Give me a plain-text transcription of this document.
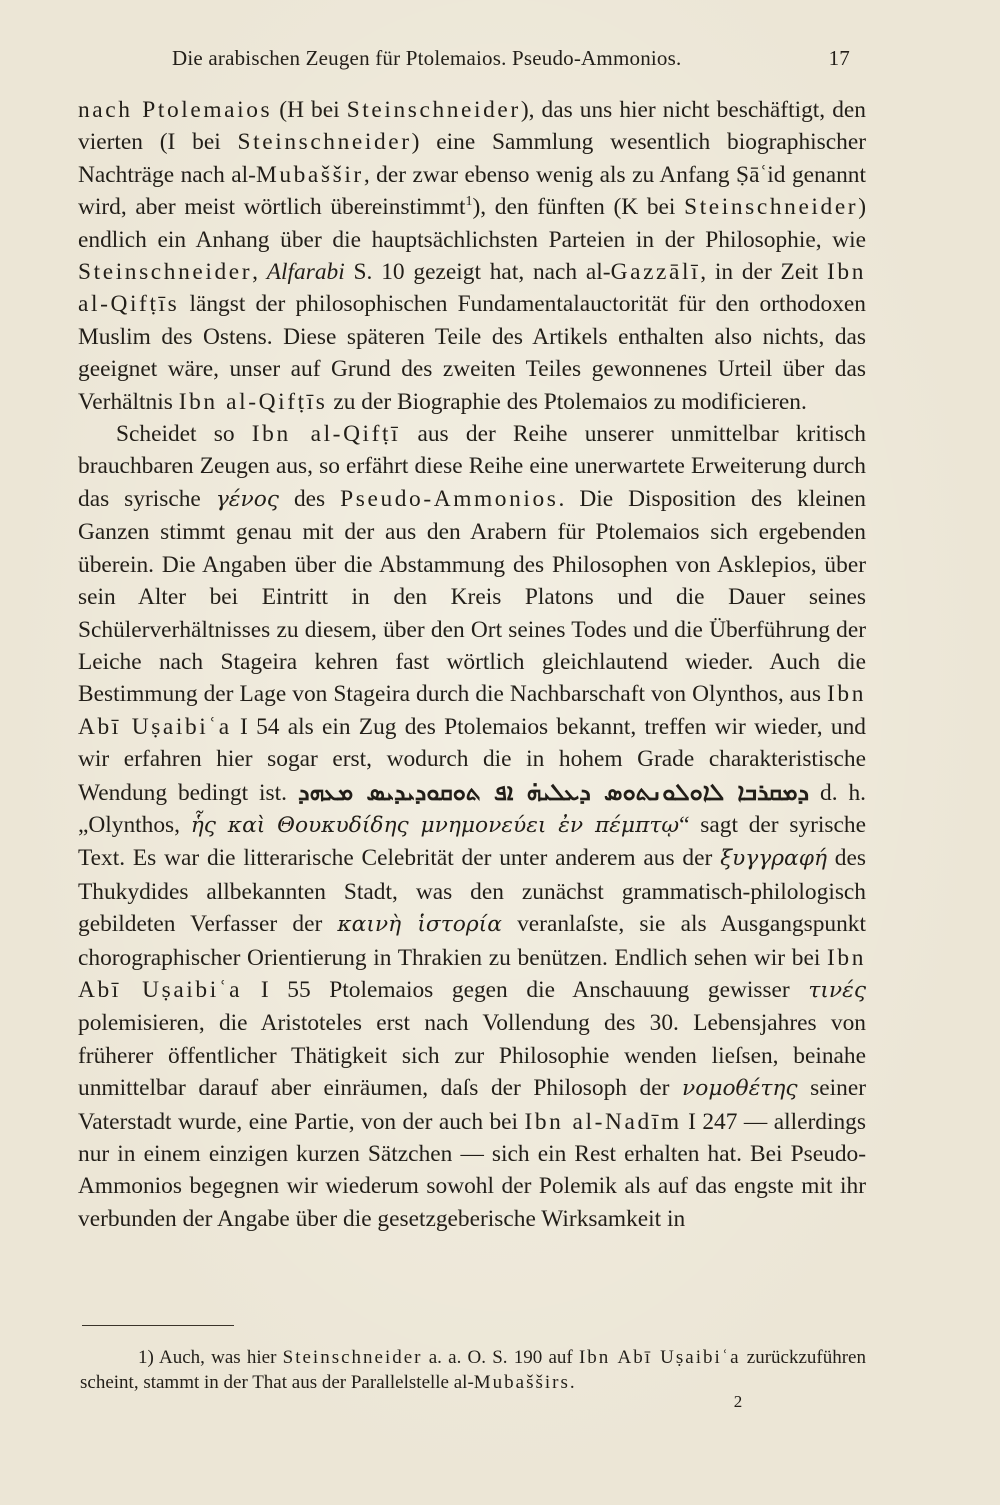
Die arabischen Zeugen für Ptolemaios. Pseudo-Ammonios.	17

nach Ptolemaios (H bei Steinschneider), das uns hier nicht beschäftigt, den vierten (I bei Steinschneider) eine Sammlung wesentlich biographischer Nachträge nach al-Mubaššir, der zwar ebenso wenig als zu Anfang Ṣāʿid genannt wird, aber meist wörtlich übereinstimmt$^1$), den fünften (K bei Steinschneider) endlich ein Anhang über die hauptsächlichsten Parteien in der Philosophie, wie Steinschneider, Alfarabi S. 10 gezeigt hat, nach al-Gazzālī, in der Zeit Ibn al-Qifṭīs längst der philosophischen Fundamentalauctorität für den orthodoxen Muslim des Ostens. Diese späteren Teile des Artikels enthalten also nichts, das geeignet wäre, unser auf Grund des zweiten Teiles gewonnenes Urteil über das Verhältnis Ibn al-Qifṭīs zu der Biographie des Ptolemaios zu modificieren.

Scheidet so Ibn al-Qifṭī aus der Reihe unserer unmittelbar kritisch brauchbaren Zeugen aus, so erfährt diese Reihe eine unerwartete Erweiterung durch das syrische γένος des Pseudo-Ammonios. Die Disposition des kleinen Ganzen stimmt genau mit der aus den Arabern für Ptolemaios sich ergebenden überein. Die Angaben über die Abstammung des Philosophen von Asklepios, über sein Alter bei Eintritt in den Kreis Platons und die Dauer seines Schülerverhältnisses zu diesem, über den Ort seines Todes und die Überführung der Leiche nach Stageira kehren fast wörtlich gleichlautend wieder. Auch die Bestimmung der Lage von Stageira durch die Nachbarschaft von Olynthos, aus Ibn Abī Uṣaibiʿa I 54 als ein Zug des Ptolemaios bekannt, treffen wir wieder, und wir erfahren hier sogar erst, wodurch die in hohem Grade charakteristische Wendung bedingt ist. ܕܡܩܪܒܐ ܠܐܘܠܘܢܬܘܣ ܕܥܠܝܗ̇ ܐܦ ܬܘܩܘܕܝܕܝܣ ܡܥܗܕ d. h. „Olynthos, ἧς καὶ Θουκυδίδης μνημονεύει ἐν πέμπτῳ“ sagt der syrische Text. Es war die litterarische Celebrität der unter anderem aus der ξυγγραφή des Thukydides allbekannten Stadt, was den zunächst grammatisch-philologisch gebildeten Verfasser der καινὴ ἱστορία veranlaſste, sie als Ausgangspunkt chorographischer Orientierung in Thrakien zu benützen. Endlich sehen wir bei Ibn Abī Uṣaibiʿa I 55 Ptolemaios gegen die Anschauung gewisser τινές polemisieren, die Aristoteles erst nach Vollendung des 30. Lebensjahres von früherer öffentlicher Thätigkeit sich zur Philosophie wenden lieſsen, beinahe unmittelbar darauf aber einräumen, daſs der Philosoph der νομοθέτης seiner Vaterstadt wurde, eine Partie, von der auch bei Ibn al-Nadīm I 247 — allerdings nur in einem einzigen kurzen Sätzchen — sich ein Rest erhalten hat. Bei Pseudo-Ammonios begegnen wir wiederum sowohl der Polemik als auf das engste mit ihr verbunden der Angabe über die gesetzgeberische Wirksamkeit in

1) Auch, was hier Steinschneider a. a. O. S. 190 auf Ibn Abī Uṣaibiʿa zurückzuführen scheint, stammt in der That aus der Parallelstelle al-Mubašširs.

2
